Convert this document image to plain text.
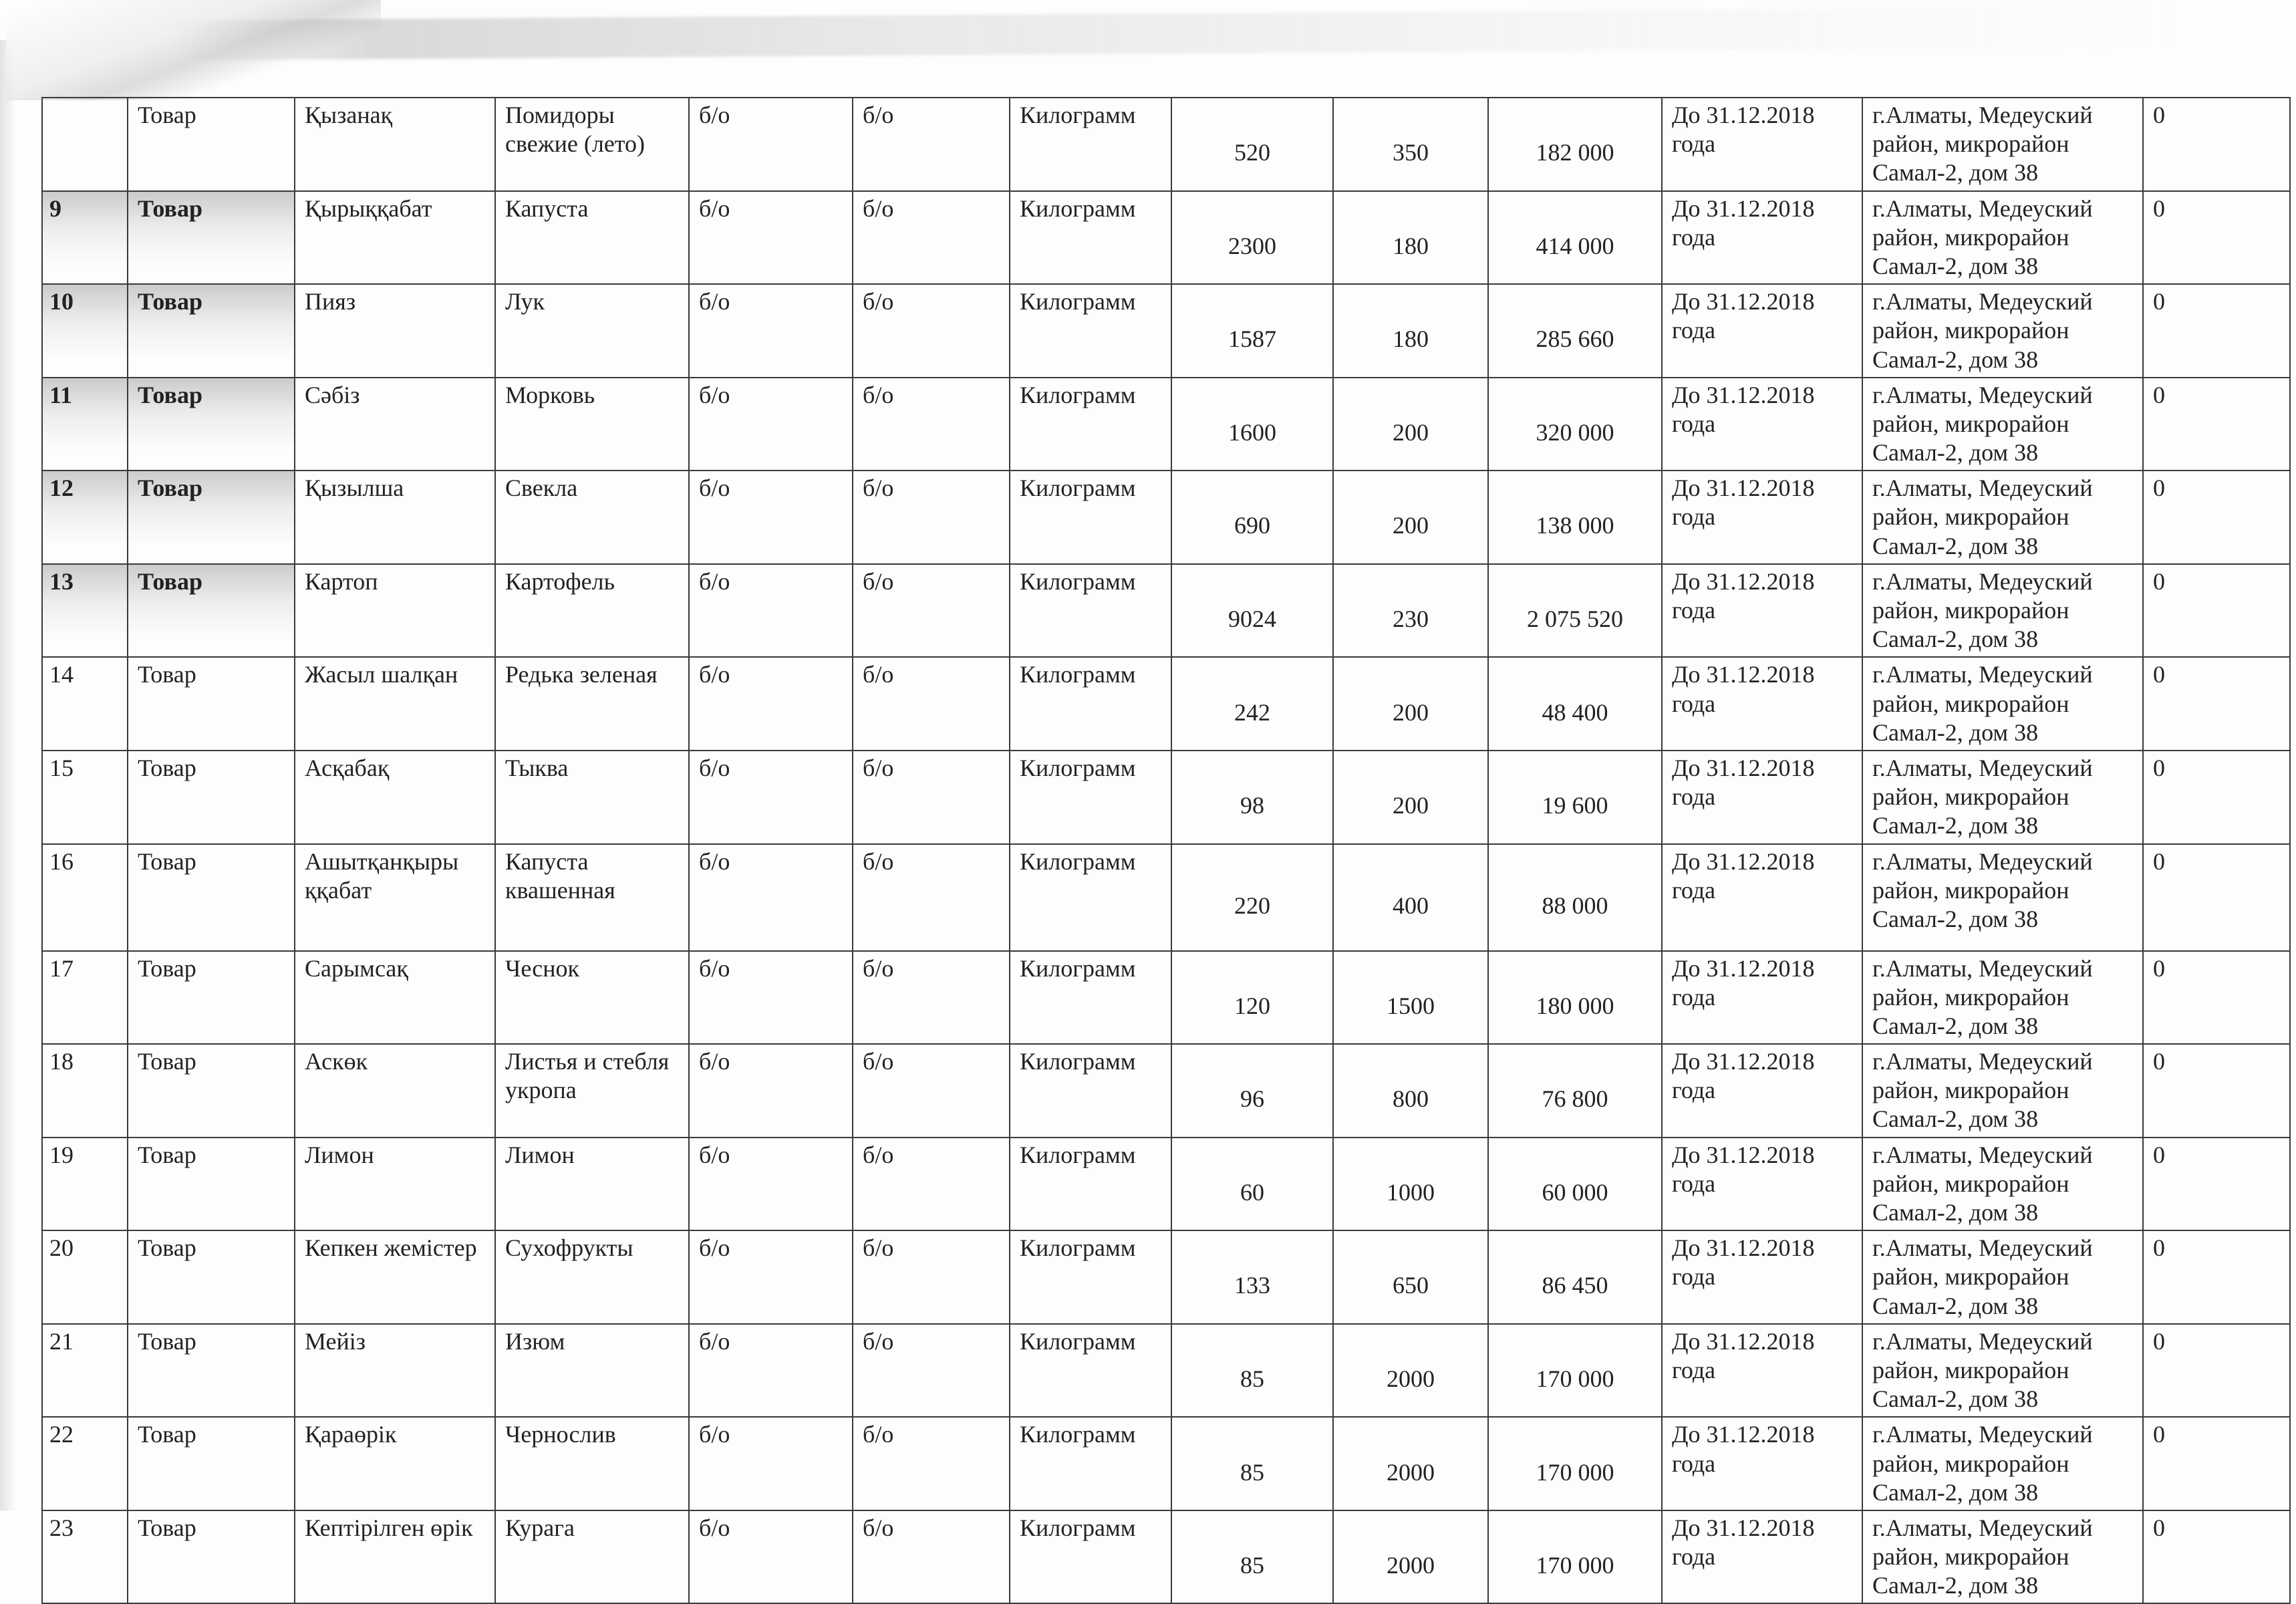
	Товар	Қызанақ	Помидоры свежие (лето)	б/о	б/о	Килограмм	520	350	182 000	До 31.12.2018 года	г.Алматы, Медеуский район, микрорайон Самал-2, дом 38	0
9	Товар	Қырыққабат	Капуста	б/о	б/о	Килограмм	2300	180	414 000	До 31.12.2018 года	г.Алматы, Медеуский район, микрорайон Самал-2, дом 38	0
10	Товар	Пияз	Лук	б/о	б/о	Килограмм	1587	180	285 660	До 31.12.2018 года	г.Алматы, Медеуский район, микрорайон Самал-2, дом 38	0
11	Товар	Сәбіз	Морковь	б/о	б/о	Килограмм	1600	200	320 000	До 31.12.2018 года	г.Алматы, Медеуский район, микрорайон Самал-2, дом 38	0
12	Товар	Қызылша	Свекла	б/о	б/о	Килограмм	690	200	138 000	До 31.12.2018 года	г.Алматы, Медеуский район, микрорайон Самал-2, дом 38	0
13	Товар	Картоп	Картофель	б/о	б/о	Килограмм	9024	230	2 075 520	До 31.12.2018 года	г.Алматы, Медеуский район, микрорайон Самал-2, дом 38	0
14	Товар	Жасыл шалқан	Редька зеленая	б/о	б/о	Килограмм	242	200	48 400	До 31.12.2018 года	г.Алматы, Медеуский район, микрорайон Самал-2, дом 38	0
15	Товар	Асқабақ	Тыква	б/о	б/о	Килограмм	98	200	19 600	До 31.12.2018 года	г.Алматы, Медеуский район, микрорайон Самал-2, дом 38	0
16	Товар	Ашытқанқыры ққабат	Капуста квашенная	б/о	б/о	Килограмм	220	400	88 000	До 31.12.2018 года	г.Алматы, Медеуский район, микрорайон Самал-2, дом 38	0
17	Товар	Сарымсақ	Чеснок	б/о	б/о	Килограмм	120	1500	180 000	До 31.12.2018 года	г.Алматы, Медеуский район, микрорайон Самал-2, дом 38	0
18	Товар	Аскөк	Листья и стебля укропа	б/о	б/о	Килограмм	96	800	76 800	До 31.12.2018 года	г.Алматы, Медеуский район, микрорайон Самал-2, дом 38	0
19	Товар	Лимон	Лимон	б/о	б/о	Килограмм	60	1000	60 000	До 31.12.2018 года	г.Алматы, Медеуский район, микрорайон Самал-2, дом 38	0
20	Товар	Кепкен жемістер	Сухофрукты	б/о	б/о	Килограмм	133	650	86 450	До 31.12.2018 года	г.Алматы, Медеуский район, микрорайон Самал-2, дом 38	0
21	Товар	Мейіз	Изюм	б/о	б/о	Килограмм	85	2000	170 000	До 31.12.2018 года	г.Алматы, Медеуский район, микрорайон Самал-2, дом 38	0
22	Товар	Қараөрік	Чернослив	б/о	б/о	Килограмм	85	2000	170 000	До 31.12.2018 года	г.Алматы, Медеуский район, микрорайон Самал-2, дом 38	0
23	Товар	Кептірілген өрік	Курага	б/о	б/о	Килограмм	85	2000	170 000	До 31.12.2018 года	г.Алматы, Медеуский район, микрорайон Самал-2, дом 38	0
